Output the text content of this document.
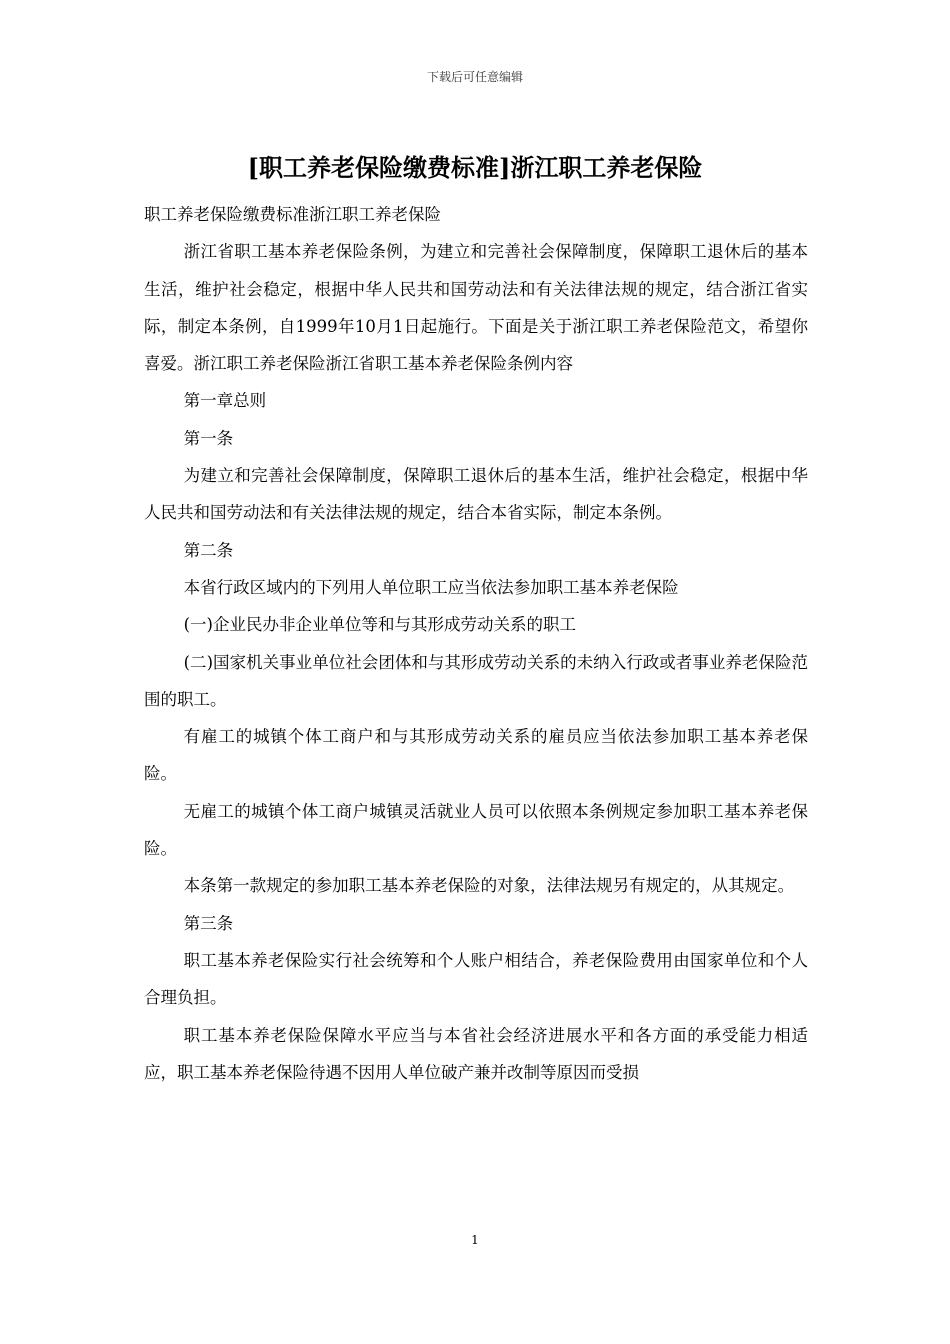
下载后可任意编辑
[职工养老保险缴费标准]浙江职工养老保险

职工养老保险缴费标准浙江职工养老保险

浙江省职工基本养老保险条例，为建立和完善社会保障制度，保障职工退休后的基本生活，维护社会稳定，根据中华人民共和国劳动法和有关法律法规的规定，结合浙江省实际，制定本条例，自1999年10月1日起施行。下面是关于浙江职工养老保险范文，希望你喜爱。浙江职工养老保险浙江省职工基本养老保险条例内容

第一章总则

第一条

为建立和完善社会保障制度，保障职工退休后的基本生活，维护社会稳定，根据中华人民共和国劳动法和有关法律法规的规定，结合本省实际，制定本条例。

第二条

本省行政区域内的下列用人单位职工应当依法参加职工基本养老保险

(一)企业民办非企业单位等和与其形成劳动关系的职工

(二)国家机关事业单位社会团体和与其形成劳动关系的未纳入行政或者事业养老保险范围的职工。

有雇工的城镇个体工商户和与其形成劳动关系的雇员应当依法参加职工基本养老保险。

无雇工的城镇个体工商户城镇灵活就业人员可以依照本条例规定参加职工基本养老保险。

本条第一款规定的参加职工基本养老保险的对象，法律法规另有规定的，从其规定。

第三条

职工基本养老保险实行社会统筹和个人账户相结合，养老保险费用由国家单位和个人合理负担。

职工基本养老保险保障水平应当与本省社会经济进展水平和各方面的承受能力相适应，职工基本养老保险待遇不因用人单位破产兼并改制等原因而受损

1
